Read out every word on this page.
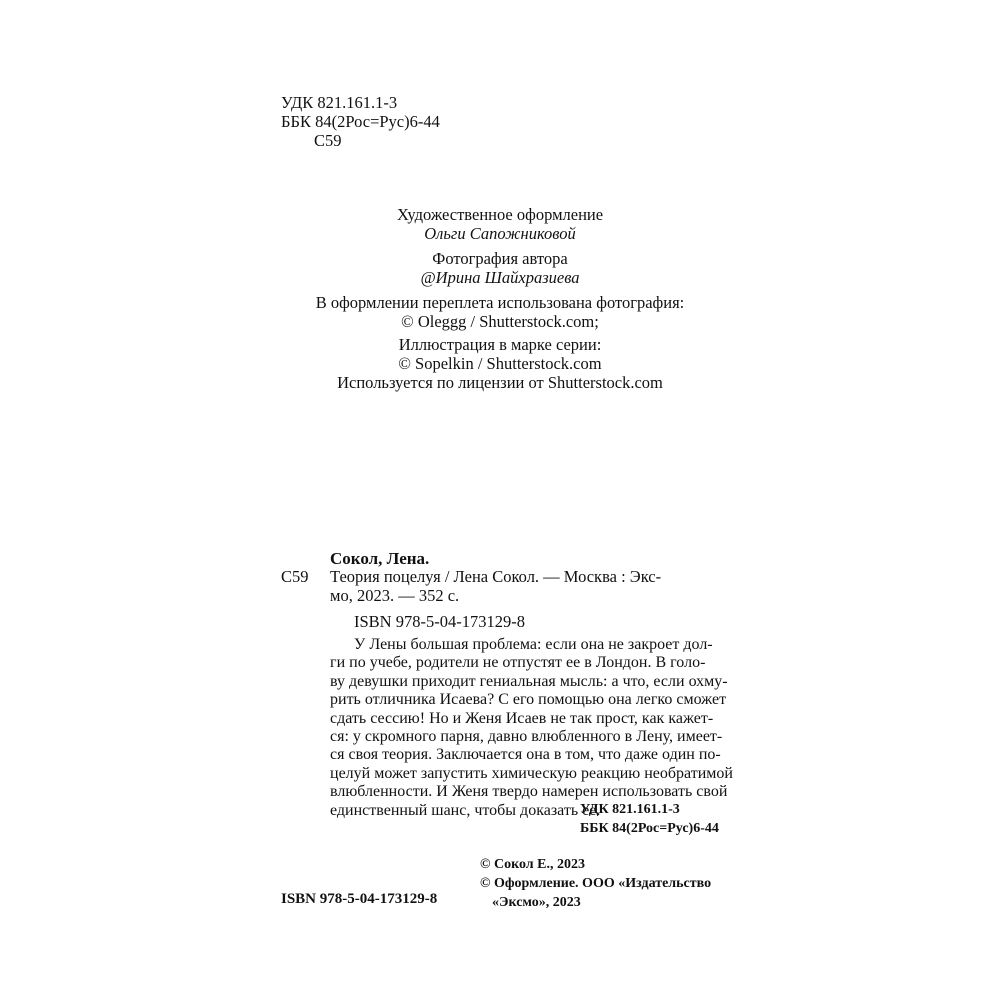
УДК 821.161.1-3
ББК 84(2Рос=Рус)6-44
С59
Художественное оформление
Ольги Сапожниковой
Фотография автора
@Ирина Шайхразиева
В оформлении переплета использована фотография:
© Oleggg / Shutterstock.com;
Иллюстрация в марке серии:
© Sopelkin / Shutterstock.com
Используется по лицензии от Shutterstock.com
Сокол, Лена.
С59 Теория поцелуя / Лена Сокол. — Москва : Экс-
мо, 2023. — 352 с.
ISBN 978-5-04-173129-8
У Лены большая проблема: если она не закроет дол-
ги по учебе, родители не отпустят ее в Лондон. В голо-
ву девушки приходит гениальная мысль: а что, если охму-
рить отличника Исаева? С его помощью она легко сможет
сдать сессию! Но и Женя Исаев не так прост, как кажет-
ся: у скромного парня, давно влюбленного в Лену, имеет-
ся своя теория. Заключается она в том, что даже один по-
целуй может запустить химическую реакцию необратимой
влюбленности. И Женя твердо намерен использовать свой
единственный шанс, чтобы доказать ее.
УДК 821.161.1-3
ББК 84(2Рос=Рус)6-44
ISBN 978-5-04-173129-8
© Сокол Е., 2023
© Оформление. ООО «Издательство
«Эксмо», 2023
